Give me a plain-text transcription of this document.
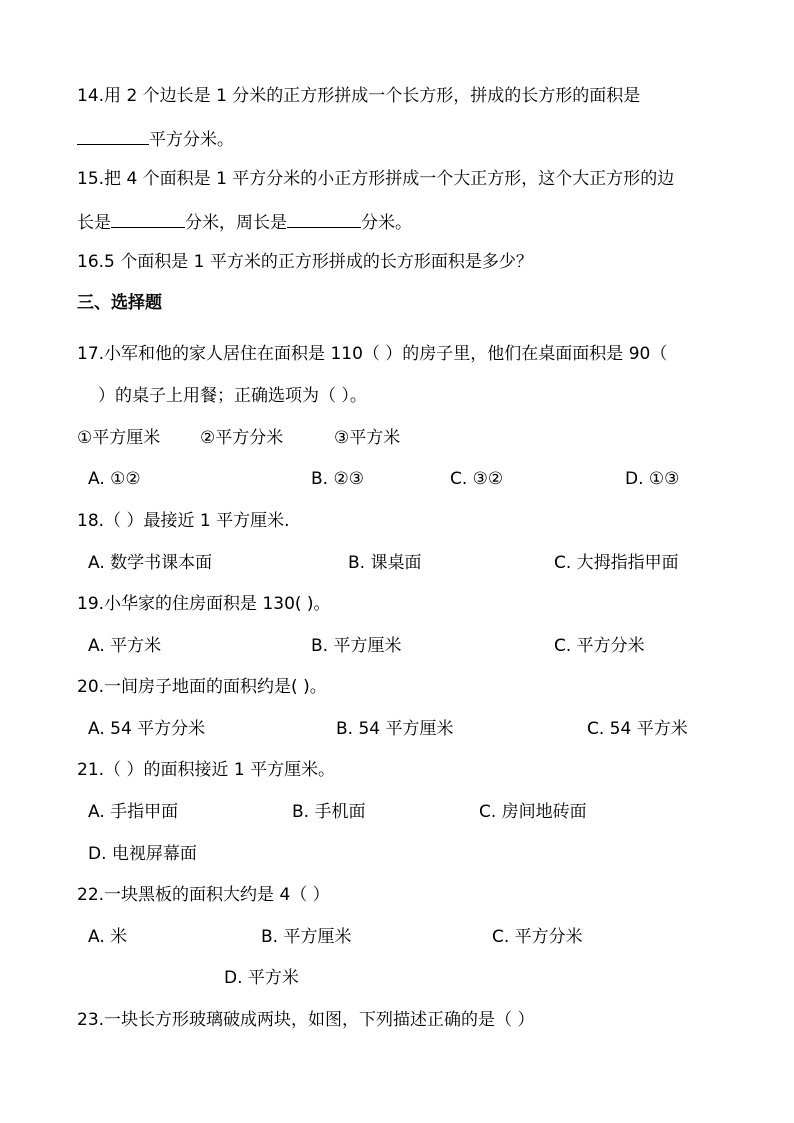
14.用 2 个边长是 1 分米的正方形拼成一个长方形，拼成的长方形的面积是
平方分米。
15.把 4 个面积是 1 平方分米的小正方形拼成一个大正方形，这个大正方形的边
长是	分米，周长是	分米。
16.5 个面积是 1 平方米的正方形拼成的长方形面积是多少？
三、选择题
17.小军和他的家人居住在面积是 110（ ）的房子里，他们在桌面面积是 90（
）的桌子上用餐；正确选项为（ ）。
①平方厘米 ②平方分米	③平方米
A. ①②	B. ②③	C. ③②	D. ①③
18.（ ）最接近 1 平方厘米.
A. 数学书课本面	B. 课桌面	C. 大拇指指甲面
19.小华家的住房面积是 130( )。
A. 平方米	B. 平方厘米	C. 平方分米
20.一间房子地面的面积约是( )。
A. 54 平方分米	B. 54 平方厘米	C. 54 平方米
21.（ ）的面积接近 1 平方厘米。
A. 手指甲面	B. 手机面	C. 房间地砖面
D. 电视屏幕面
22.一块黑板的面积大约是 4（ ）
A. 米	B. 平方厘米	C. 平方分米
D. 平方米
23.一块长方形玻璃破成两块，如图，下列描述正确的是（ ）
